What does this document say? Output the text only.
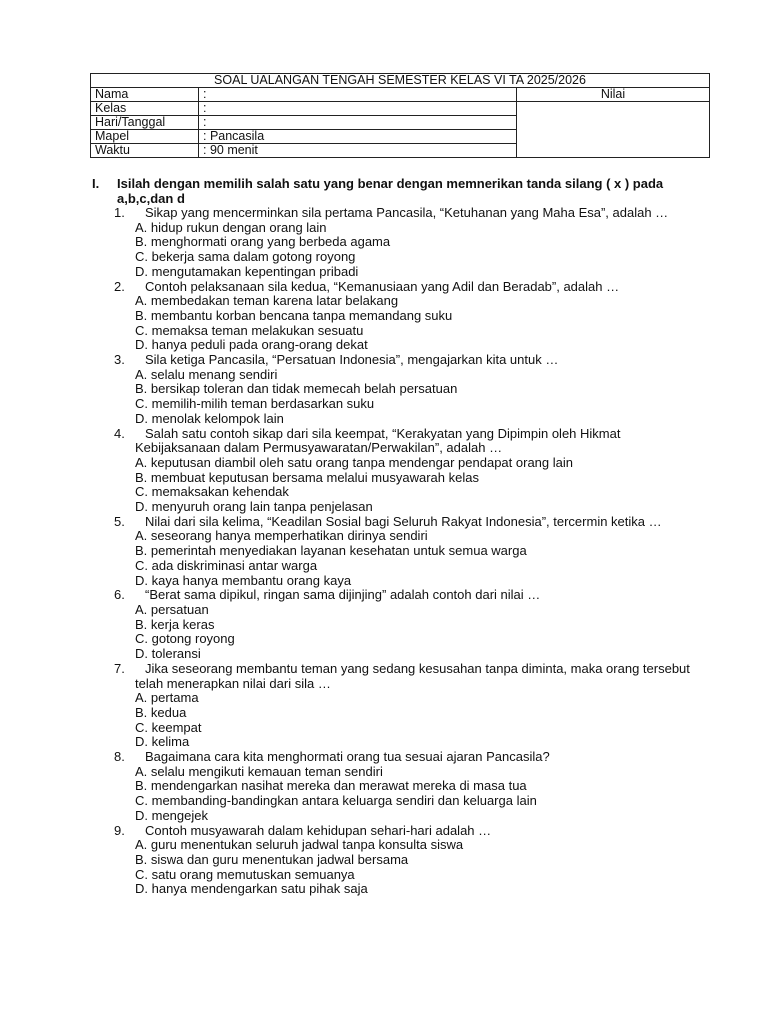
SOAL UALANGAN TENGAH SEMESTER KELAS VI TA 2025/2026		
Nama	:	Nilai
Kelas	:	
Hari/Tanggal	:	
Mapel	: Pancasila	
Waktu	: 90 menit	
I. Isilah dengan memilih salah satu yang benar dengan memnerikan tanda silang ( x ) pada a,b,c,dan d
1.	Sikap yang mencerminkan sila pertama Pancasila, “Ketuhanan yang Maha Esa”, adalah …
A. hidup rukun dengan orang lain
B. menghormati orang yang berbeda agama
C. bekerja sama dalam gotong royong
D. mengutamakan kepentingan pribadi
2.	Contoh pelaksanaan sila kedua, “Kemanusiaan yang Adil dan Beradab”, adalah …
A. membedakan teman karena latar belakang
B. membantu korban bencana tanpa memandang suku
C. memaksa teman melakukan sesuatu
D. hanya peduli pada orang-orang dekat
3.	Sila ketiga Pancasila, “Persatuan Indonesia”, mengajarkan kita untuk …
A. selalu menang sendiri
B. bersikap toleran dan tidak memecah belah persatuan
C. memilih-milih teman berdasarkan suku
D. menolak kelompok lain
4.	Salah satu contoh sikap dari sila keempat, “Kerakyatan yang Dipimpin oleh Hikmat Kebijaksanaan dalam Permusyawaratan/Perwakilan”, adalah …
A. keputusan diambil oleh satu orang tanpa mendengar pendapat orang lain
B. membuat keputusan bersama melalui musyawarah kelas
C. memaksakan kehendak
D. menyuruh orang lain tanpa penjelasan
5.	Nilai dari sila kelima, “Keadilan Sosial bagi Seluruh Rakyat Indonesia”, tercermin ketika …
A. seseorang hanya memperhatikan dirinya sendiri
B. pemerintah menyediakan layanan kesehatan untuk semua warga
C. ada diskriminasi antar warga
D. kaya hanya membantu orang kaya
6.	“Berat sama dipikul, ringan sama dijinjing” adalah contoh dari nilai …
A. persatuan
B. kerja keras
C. gotong royong
D. toleransi
7.	Jika seseorang membantu teman yang sedang kesusahan tanpa diminta, maka orang tersebut telah menerapkan nilai dari sila …
A. pertama
B. kedua
C. keempat
D. kelima
8.	Bagaimana cara kita menghormati orang tua sesuai ajaran Pancasila?
A. selalu mengikuti kemauan teman sendiri
B. mendengarkan nasihat mereka dan merawat mereka di masa tua
C. membanding-bandingkan antara keluarga sendiri dan keluarga lain
D. mengejek
9.	Contoh musyawarah dalam kehidupan sehari-hari adalah …
A. guru menentukan seluruh jadwal tanpa konsulta siswa
B. siswa dan guru menentukan jadwal bersama
C. satu orang memutuskan semuanya
D. hanya mendengarkan satu pihak saja
